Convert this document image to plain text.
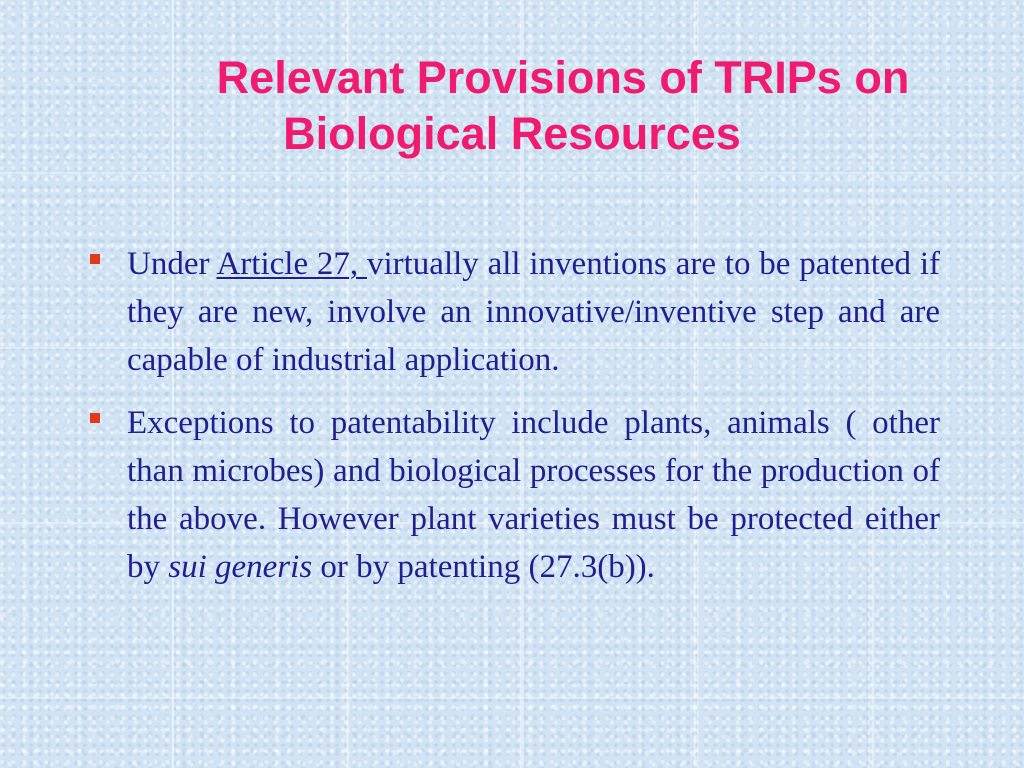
Relevant Provisions of TRIPs on
Biological Resources
Under Article 27, virtually all inventions are to be patented if they are new, involve an innovative/inventive step and are capable of industrial application.
Exceptions to patentability include plants, animals ( other than microbes) and biological processes for the production of the above. However plant varieties must be protected either by sui generis or by patenting (27.3(b)).
